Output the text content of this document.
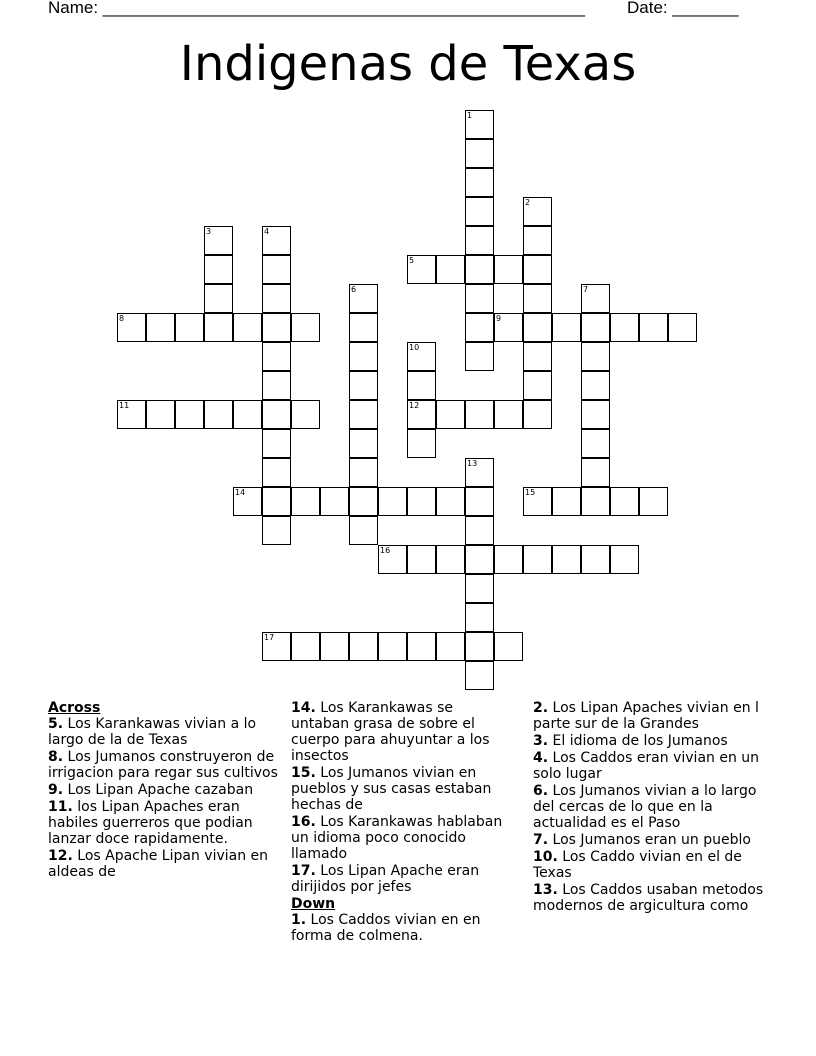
Name: ___________________________________________________ Date: _______
Indigenas de Texas
1
2
3	4
5
6	7
8	9
10
12
11
13
14	15
16
17

Across

5. Los Karankawas vivian a lo largo de la de Texas

8. Los Jumanos construyeron de irrigacion para regar sus cultivos

9. Los Lipan Apache cazaban

11. los Lipan Apaches eran habiles guerreros que podian lanzar doce rapidamente.

12. Los Apache Lipan vivian en aldeas de

14. Los Karankawas se untaban grasa de sobre el cuerpo para ahuyuntar a los insectos

15. Los Jumanos vivian en pueblos y sus casas estaban hechas de

16. Los Karankawas hablaban un idioma poco conocido llamado

17. Los Lipan Apache eran dirijidos por jefes

Down

1. Los Caddos vivian en en forma de colmena.

2. Los Lipan Apaches vivian en l parte sur de la Grandes

3. El idioma de los Jumanos

4. Los Caddos eran vivian en un solo lugar

6. Los Jumanos vivian a lo largo del cercas de lo que en la actualidad es el Paso

7. Los Jumanos eran un pueblo

10. Los Caddo vivian en el de Texas

13. Los Caddos usaban metodos modernos de argicultura como
